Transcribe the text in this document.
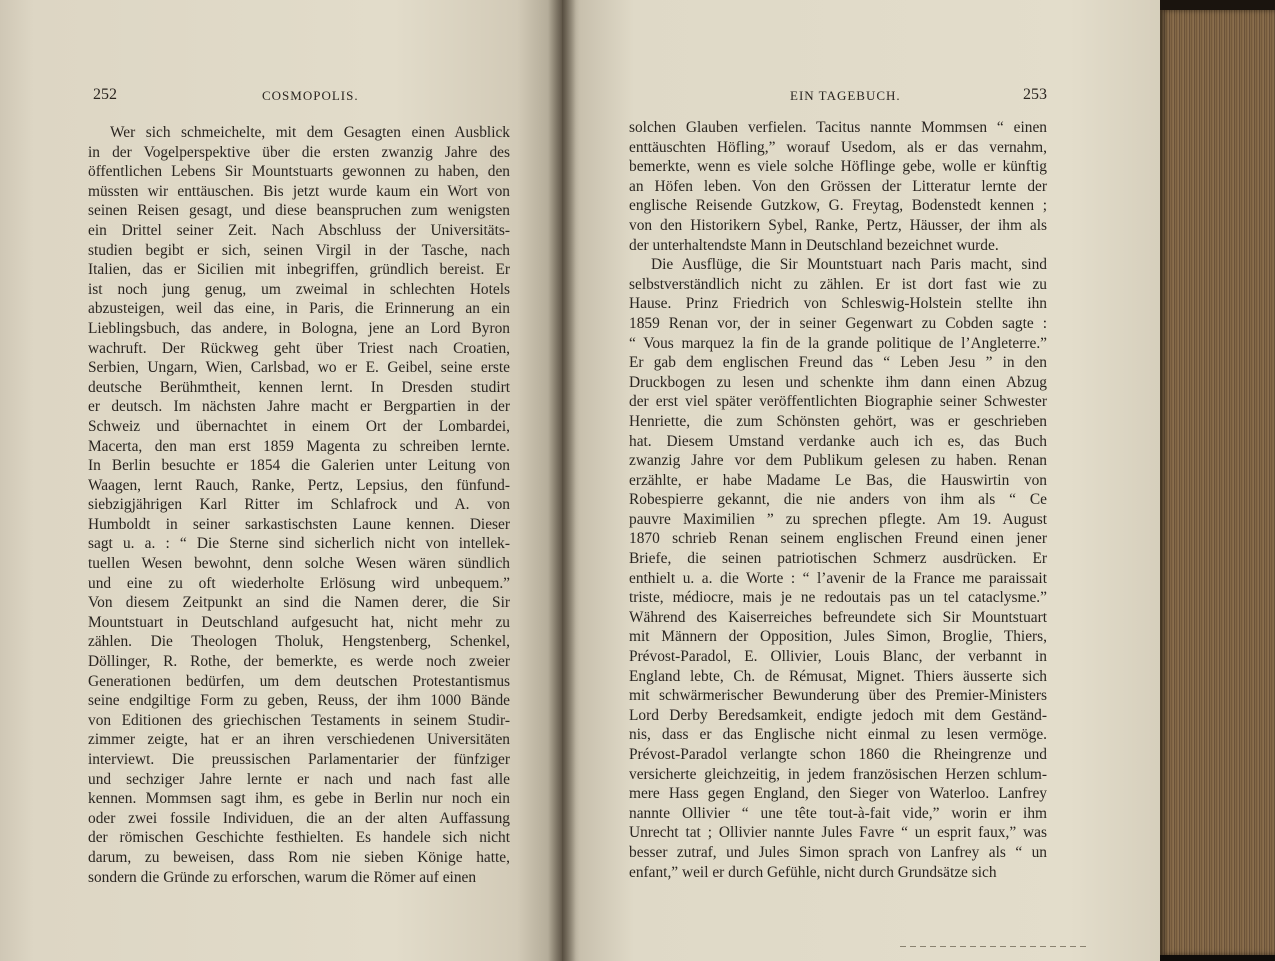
252	COSMOPOLIS.
Wer sich schmeichelte, mit dem Gesagten einen Ausblick
in der Vogelperspektive über die ersten zwanzig Jahre des
öffentlichen Lebens Sir Mountstuarts gewonnen zu haben, den
müssten wir enttäuschen. Bis jetzt wurde kaum ein Wort von
seinen Reisen gesagt, und diese beanspruchen zum wenigsten
ein Drittel seiner Zeit. Nach Abschluss der Universitäts-
studien begibt er sich, seinen Virgil in der Tasche, nach
Italien, das er Sicilien mit inbegriffen, gründlich bereist. Er
ist noch jung genug, um zweimal in schlechten Hotels
abzusteigen, weil das eine, in Paris, die Erinnerung an ein
Lieblingsbuch, das andere, in Bologna, jene an Lord Byron
wachruft. Der Rückweg geht über Triest nach Croatien,
Serbien, Ungarn, Wien, Carlsbad, wo er E. Geibel, seine erste
deutsche Berühmtheit, kennen lernt. In Dresden studirt
er deutsch. Im nächsten Jahre macht er Bergpartien in der
Schweiz und übernachtet in einem Ort der Lombardei,
Macerta, den man erst 1859 Magenta zu schreiben lernte.
In Berlin besuchte er 1854 die Galerien unter Leitung von
Waagen, lernt Rauch, Ranke, Pertz, Lepsius, den fünfund-
siebzigjährigen Karl Ritter im Schlafrock und A. von
Humboldt in seiner sarkastischsten Laune kennen. Dieser
sagt u. a. : “ Die Sterne sind sicherlich nicht von intellek-
tuellen Wesen bewohnt, denn solche Wesen wären sündlich
und eine zu oft wiederholte Erlösung wird unbequem.”
Von diesem Zeitpunkt an sind die Namen derer, die Sir
Mountstuart in Deutschland aufgesucht hat, nicht mehr zu
zählen. Die Theologen Tholuk, Hengstenberg, Schenkel,
Döllinger, R. Rothe, der bemerkte, es werde noch zweier
Generationen bedürfen, um dem deutschen Protestantismus
seine endgiltige Form zu geben, Reuss, der ihm 1000 Bände
von Editionen des griechischen Testaments in seinem Studir-
zimmer zeigte, hat er an ihren verschiedenen Universitäten
interviewt. Die preussischen Parlamentarier der fünfziger
und sechziger Jahre lernte er nach und nach fast alle
kennen. Mommsen sagt ihm, es gebe in Berlin nur noch ein
oder zwei fossile Individuen, die an der alten Auffassung
der römischen Geschichte festhielten. Es handele sich nicht
darum, zu beweisen, dass Rom nie sieben Könige hatte,
sondern die Gründe zu erforschen, warum die Römer auf einen
EIN TAGEBUCH.	253
solchen Glauben verfielen. Tacitus nannte Mommsen “ einen
enttäuschten Höfling,” worauf Usedom, als er das vernahm,
bemerkte, wenn es viele solche Höflinge gebe, wolle er künftig
an Höfen leben. Von den Grössen der Litteratur lernte der
englische Reisende Gutzkow, G. Freytag, Bodenstedt kennen ;
von den Historikern Sybel, Ranke, Pertz, Häusser, der ihm als
der unterhaltendste Mann in Deutschland bezeichnet wurde.
Die Ausflüge, die Sir Mountstuart nach Paris macht, sind
selbstverständlich nicht zu zählen. Er ist dort fast wie zu
Hause. Prinz Friedrich von Schleswig-Holstein stellte ihn
1859 Renan vor, der in seiner Gegenwart zu Cobden sagte :
“ Vous marquez la fin de la grande politique de l’Angleterre.”
Er gab dem englischen Freund das “ Leben Jesu ” in den
Druckbogen zu lesen und schenkte ihm dann einen Abzug
der erst viel später veröffentlichten Biographie seiner Schwester
Henriette, die zum Schönsten gehört, was er geschrieben
hat. Diesem Umstand verdanke auch ich es, das Buch
zwanzig Jahre vor dem Publikum gelesen zu haben. Renan
erzählte, er habe Madame Le Bas, die Hauswirtin von
Robespierre gekannt, die nie anders von ihm als “ Ce
pauvre Maximilien ” zu sprechen pflegte. Am 19. August
1870 schrieb Renan seinem englischen Freund einen jener
Briefe, die seinen patriotischen Schmerz ausdrücken. Er
enthielt u. a. die Worte : “ l’avenir de la France me paraissait
triste, médiocre, mais je ne redoutais pas un tel cataclysme.”
Während des Kaiserreiches befreundete sich Sir Mountstuart
mit Männern der Opposition, Jules Simon, Broglie, Thiers,
Prévost-Paradol, E. Ollivier, Louis Blanc, der verbannt in
England lebte, Ch. de Rémusat, Mignet. Thiers äusserte sich
mit schwärmerischer Bewunderung über des Premier-Ministers
Lord Derby Beredsamkeit, endigte jedoch mit dem Geständ-
nis, dass er das Englische nicht einmal zu lesen vermöge.
Prévost-Paradol verlangte schon 1860 die Rheingrenze und
versicherte gleichzeitig, in jedem französischen Herzen schlum-
mere Hass gegen England, den Sieger von Waterloo. Lanfrey
nannte Ollivier “ une tête tout-à-fait vide,” worin er ihm
Unrecht tat ; Ollivier nannte Jules Favre “ un esprit faux,” was
besser zutraf, und Jules Simon sprach von Lanfrey als “ un
enfant,” weil er durch Gefühle, nicht durch Grundsätze sich
